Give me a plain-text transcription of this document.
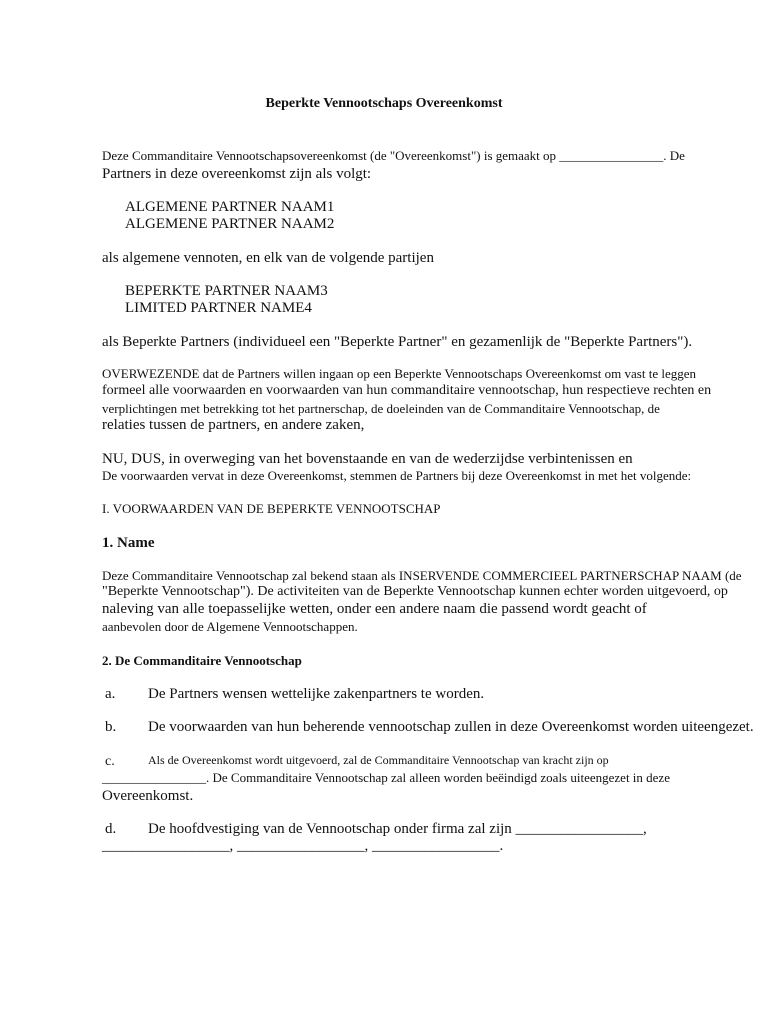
Beperkte Vennootschaps Overeenkomst
Deze Commanditaire Vennootschapsovereenkomst (de "Overeenkomst") is gemaakt op ________________. De
Partners in deze overeenkomst zijn als volgt:
ALGEMENE PARTNER NAAM1
ALGEMENE PARTNER NAAM2
als algemene vennoten, en elk van de volgende partijen
BEPERKTE PARTNER NAAM3
LIMITED PARTNER NAME4
als Beperkte Partners (individueel een "Beperkte Partner" en gezamenlijk de "Beperkte Partners").
OVERWEZENDE dat de Partners willen ingaan op een Beperkte Vennootschaps Overeenkomst om vast te leggen
formeel alle voorwaarden en voorwaarden van hun commanditaire vennootschap, hun respectieve rechten en
verplichtingen met betrekking tot het partnerschap, de doeleinden van de Commanditaire Vennootschap, de
relaties tussen de partners, en andere zaken,
NU, DUS, in overweging van het bovenstaande en van de wederzijdse verbintenissen en
De voorwaarden vervat in deze Overeenkomst, stemmen de Partners bij deze Overeenkomst in met het volgende:
I. VOORWAARDEN VAN DE BEPERKTE VENNOOTSCHAP
1. Name
Deze Commanditaire Vennootschap zal bekend staan als INSERVENDE COMMERCIEEL PARTNERSCHAP NAAM (de
"Beperkte Vennootschap"). De activiteiten van de Beperkte Vennootschap kunnen echter worden uitgevoerd, op
naleving van alle toepasselijke wetten, onder een andere naam die passend wordt geacht of
aanbevolen door de Algemene Vennootschappen.
2. De Commanditaire Vennootschap
a. De Partners wensen wettelijke zakenpartners te worden.
b. De voorwaarden van hun beherende vennootschap zullen in deze Overeenkomst worden uiteengezet.
c.	Als de Overeenkomst wordt uitgevoerd, zal de Commanditaire Vennootschap van kracht zijn op
________________. De Commanditaire Vennootschap zal alleen worden beëindigd zoals uiteengezet in deze
Overeenkomst.
d. De hoofdvestiging van de Vennootschap onder firma zal zijn _________________,
_________________, _________________, _________________.
